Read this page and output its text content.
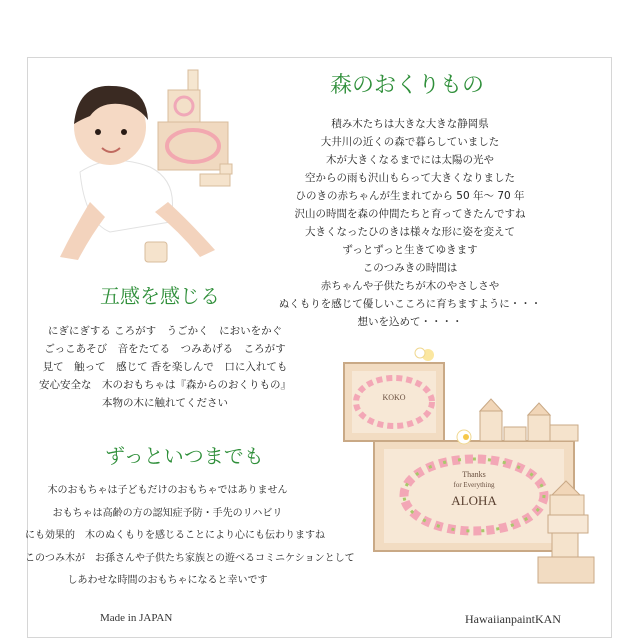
森のおくりもの
積み木たちは大きな大きな静岡県
大井川の近くの森で暮らしていました
木が大きくなるまでには太陽の光や
空からの雨も沢山もらって大きくなりました
ひのきの赤ちゃんが生まれてから 50 年～ 70 年
沢山の時間を森の仲間たちと育ってきたんですね
大きくなったひのきは様々な形に姿を変えて
ずっとずっと生きてゆきます
このつみきの時間は
赤ちゃんや子供たちが木のやさしさや
ぬくもりを感じて優しいこころに育ちますように・・・
想いを込めて・・・・
五感を感じる
にぎにぎする ころがす　うごかく　においをかぐ
ごっこあそび　音をたてる　つみあげる　ころがす
見て　触って　感じて 香を楽しんで　口に入れても
安心安全な　木のおもちゃは『森からのおくりもの』
本物の木に触れてください
ずっといつまでも
木のおもちゃは子どもだけのおもちゃではありません
おもちゃは高齢の方の認知症予防・手先のリハビリ
にも効果的　木のぬくもりを感じることにより心にも伝わりますね
このつみ木が　お孫さんや子供たち家族との遊べるコミニケションとして
しあわせな時間のおもちゃになると幸いです
KOKO
Thanks
for Everything
ALOHA
Made in JAPAN	HawaiianpaintKAN
